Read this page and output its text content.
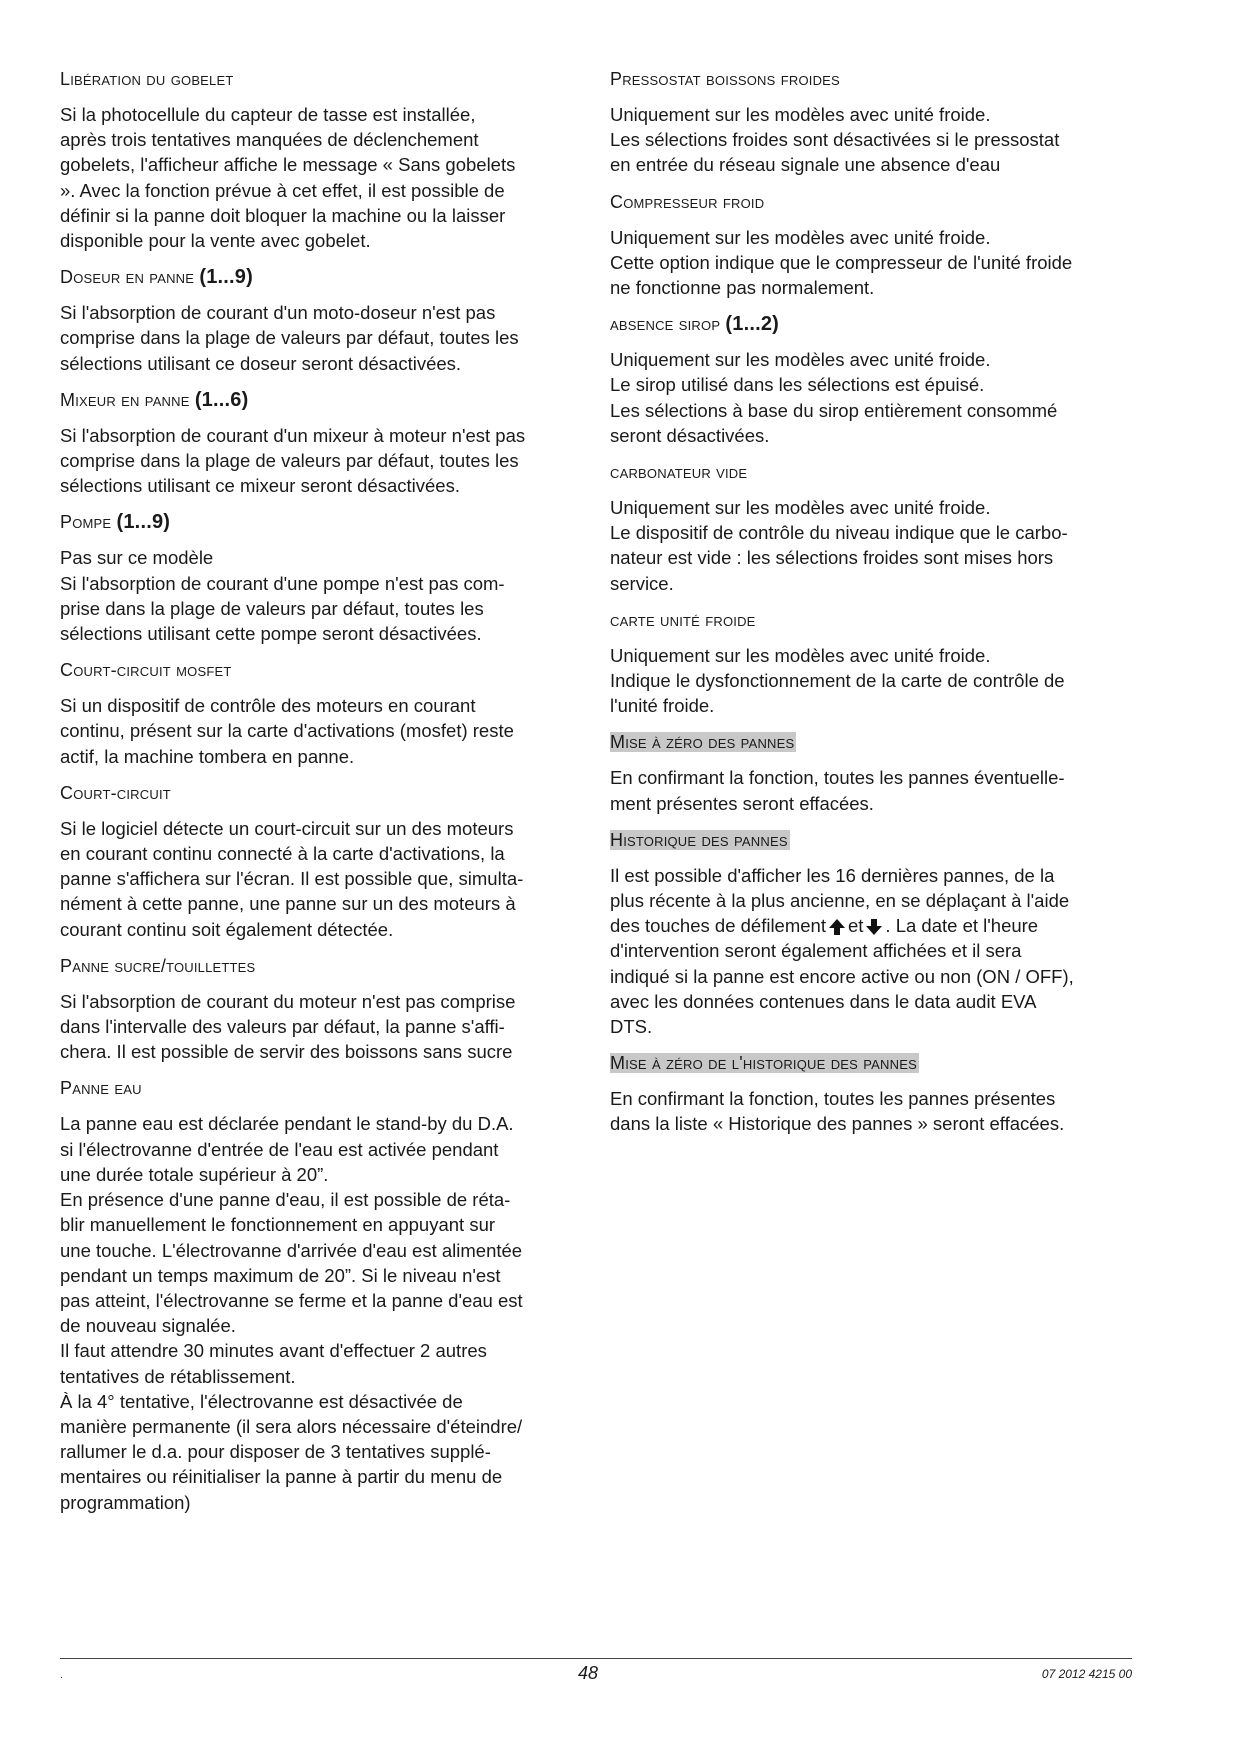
Libération du gobelet

Si la photocellule du capteur de tasse est installée,
après trois tentatives manquées de déclenchement
gobelets, l'afficheur affiche le message « Sans gobelets
». Avec la fonction prévue à cet effet, il est possible de
définir si la panne doit bloquer la machine ou la laisser
disponible pour la vente avec gobelet.

Doseur en panne (1...9)

Si l'absorption de courant d'un moto-doseur n'est pas
comprise dans la plage de valeurs par défaut, toutes les
sélections utilisant ce doseur seront désactivées.

Mixeur en panne (1...6)

Si l'absorption de courant d'un mixeur à moteur n'est pas
comprise dans la plage de valeurs par défaut, toutes les
sélections utilisant ce mixeur seront désactivées.

Pompe (1...9)

Pas sur ce modèle
Si l'absorption de courant d'une pompe n'est pas com-
prise dans la plage de valeurs par défaut, toutes les
sélections utilisant cette pompe seront désactivées.

Court-circuit mosfet

Si un dispositif de contrôle des moteurs en courant
continu, présent sur la carte d'activations (mosfet) reste
actif, la machine tombera en panne.

Court-circuit

Si le logiciel détecte un court-circuit sur un des moteurs
en courant continu connecté à la carte d'activations, la
panne s'affichera sur l'écran. Il est possible que, simulta-
nément à cette panne, une panne sur un des moteurs à
courant continu soit également détectée.

Panne sucre/touillettes

Si l'absorption de courant du moteur n'est pas comprise
dans l'intervalle des valeurs par défaut, la panne s'affi-
chera. Il est possible de servir des boissons sans sucre

Panne eau

La panne eau est déclarée pendant le stand-by du D.A.
si l'électrovanne d'entrée de l'eau est activée pendant
une durée totale supérieur à 20”.
En présence d'une panne d'eau, il est possible de réta-
blir manuellement le fonctionnement en appuyant sur
une touche. L'électrovanne d'arrivée d'eau est alimentée
pendant un temps maximum de 20”. Si le niveau n'est
pas atteint, l'électrovanne se ferme et la panne d'eau est
de nouveau signalée.
Il faut attendre 30 minutes avant d'effectuer 2 autres
tentatives de rétablissement.
À la 4° tentative, l'électrovanne est désactivée de
manière permanente (il sera alors nécessaire d'éteindre/
rallumer le d.a. pour disposer de 3 tentatives supplé-
mentaires ou réinitialiser la panne à partir du menu de
programmation)

Pressostat boissons froides

Uniquement sur les modèles avec unité froide.
Les sélections froides sont désactivées si le pressostat
en entrée du réseau signale une absence d'eau

Compresseur froid

Uniquement sur les modèles avec unité froide.
Cette option indique que le compresseur de l'unité froide
ne fonctionne pas normalement.

absence sirop (1...2)

Uniquement sur les modèles avec unité froide.
Le sirop utilisé dans les sélections est épuisé.
Les sélections à base du sirop entièrement consommé
seront désactivées.

carbonateur vide

Uniquement sur les modèles avec unité froide.
Le dispositif de contrôle du niveau indique que le carbo-
nateur est vide : les sélections froides sont mises hors
service.

carte unité froide

Uniquement sur les modèles avec unité froide.
Indique le dysfonctionnement de la carte de contrôle de
l'unité froide.

Mise à zéro des pannes

En confirmant la fonction, toutes les pannes éventuelle-
ment présentes seront effacées.

Historique des pannes

Il est possible d'afficher les 16 dernières pannes, de la
plus récente à la plus ancienne, en se déplaçant à l'aide
des touches de défilement et . La date et l'heure
d'intervention seront également affichées et il sera
indiqué si la panne est encore active ou non (ON / OFF),
avec les données contenues dans le data audit EVA
DTS.

Mise à zéro de l'historique des pannes

En confirmant la fonction, toutes les pannes présentes
dans la liste « Historique des pannes » seront effacées.

.	48	07 2012 4215 00
